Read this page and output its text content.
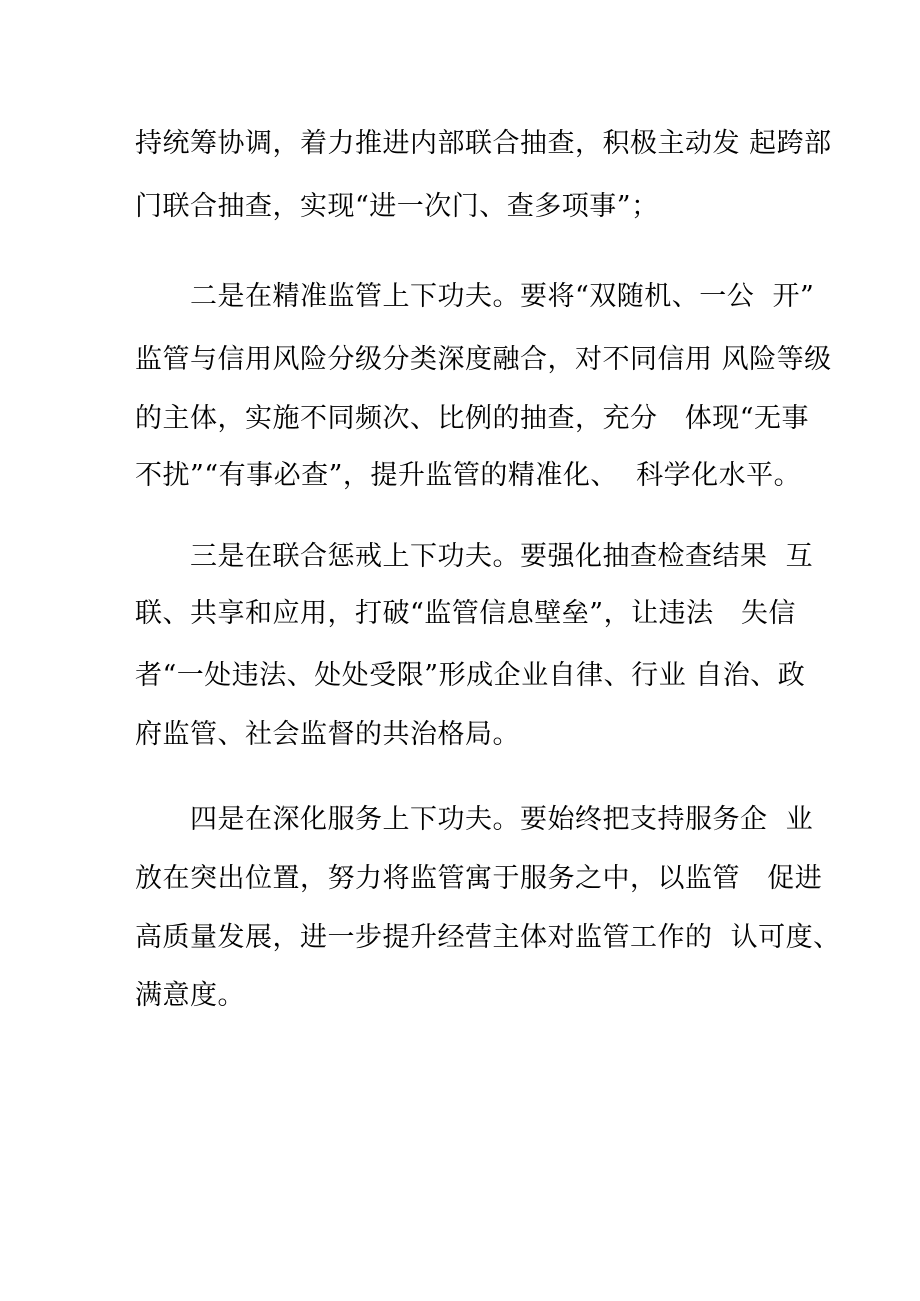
持统筹协调，着力推进内部联合抽查，积极主动发 起跨部
门联合抽查，实现“进一次门、查多项事”；
二是在精准监管上下功夫。要将“双随机、一公  开”
监管与信用风险分级分类深度融合，对不同信用 风险等级
的主体，实施不同频次、比例的抽查，充分   体现“无事
不扰”“有事必查”，提升监管的精准化、  科学化水平。
三是在联合惩戒上下功夫。要强化抽查检查结果  互
联、共享和应用，打破“监管信息壁垒”，让违法   失信
者“一处违法、处处受限”形成企业自律、行业 自治、政
府监管、社会监督的共治格局。
四是在深化服务上下功夫。要始终把支持服务企  业
放在突出位置，努力将监管寓于服务之中，以监管   促进
高质量发展，进一步提升经营主体对监管工作的  认可度、
满意度。
